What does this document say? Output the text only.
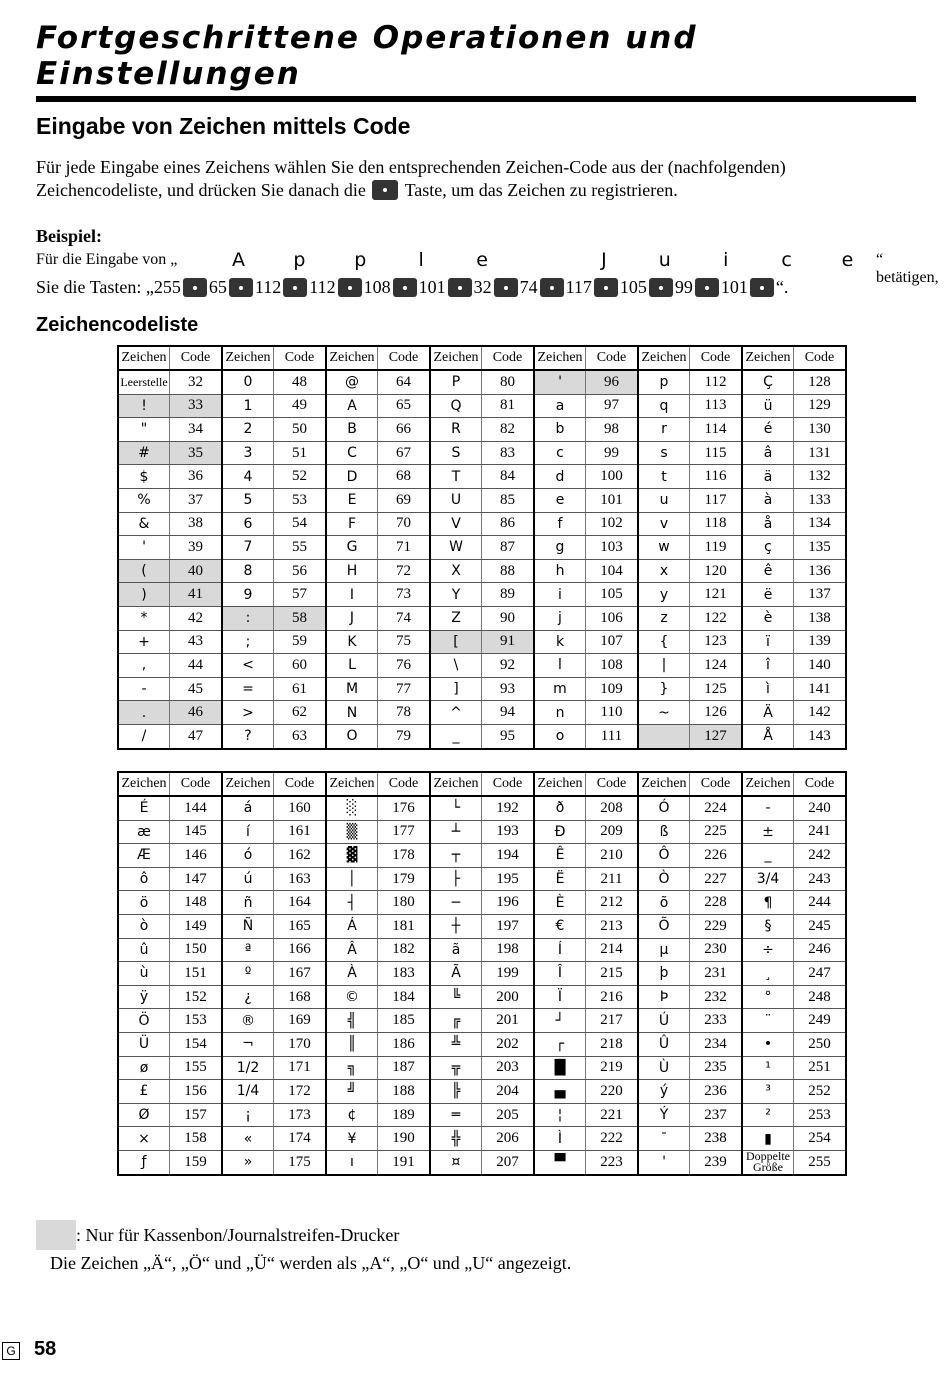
Fortgeschrittene Operationen und Einstellungen
Eingabe von Zeichen mittels Code
Für jede Eingabe eines Zeichens wählen Sie den entsprechenden Zeichen-Code aus der (nachfolgenden) Zeichencodeliste, und drücken Sie danach die Taste, um das Zeichen zu registrieren.
Beispiel:
Für die Eingabe von „	A	p	p	l	e	J	u	i	c	e	“ betätigen,
Sie die Tasten: „255 65 112 112 108 101 32 74 117 105 99 101 “.
Zeichencodeliste
Zeichen	Code	Zeichen	Code	Zeichen	Code	Zeichen	Code	Zeichen	Code	Zeichen	Code	Zeichen	Code
Leerstelle	32	0	48	@	64	P	80	'	96	p	112	Ç	128
!	33	1	49	A	65	Q	81	a	97	q	113	ü	129
"	34	2	50	B	66	R	82	b	98	r	114	é	130
#	35	3	51	C	67	S	83	c	99	s	115	â	131
$	36	4	52	D	68	T	84	d	100	t	116	ä	132
%	37	5	53	E	69	U	85	e	101	u	117	à	133
&	38	6	54	F	70	V	86	f	102	v	118	å	134
'	39	7	55	G	71	W	87	g	103	w	119	ç	135
(	40	8	56	H	72	X	88	h	104	x	120	ê	136
)	41	9	57	I	73	Y	89	i	105	y	121	ë	137
*	42	:	58	J	74	Z	90	j	106	z	122	è	138
+	43	;	59	K	75	[	91	k	107	{	123	ï	139
,	44	<	60	L	76	\	92	l	108	|	124	î	140
-	45	=	61	M	77	]	93	m	109	}	125	ì	141
.	46	>	62	N	78	^	94	n	110	~	126	Ä	142
/	47	?	63	O	79	_	95	o	111		127	Å	143
Zeichen	Code	Zeichen	Code	Zeichen	Code	Zeichen	Code	Zeichen	Code	Zeichen	Code	Zeichen	Code
É	144	á	160	░	176	└	192	ð	208	Ó	224	-	240
æ	145	í	161	▒	177	┴	193	Ð	209	ß	225	±	241
Æ	146	ó	162	▓	178	┬	194	Ê	210	Ô	226	_	242
ô	147	ú	163	│	179	├	195	Ë	211	Ò	227	3/4	243
ö	148	ñ	164	┤	180	─	196	È	212	õ	228	¶	244
ò	149	Ñ	165	Á	181	┼	197	€	213	Õ	229	§	245
û	150	ª	166	Â	182	ã	198	Í	214	µ	230	÷	246
ù	151	º	167	À	183	Ã	199	Î	215	þ	231	¸	247
ÿ	152	¿	168	©	184	╚	200	Ï	216	Þ	232	°	248
Ö	153	®	169	╣	185	╔	201	┘	217	Ú	233	¨	249
Ü	154	¬	170	║	186	╩	202	┌	218	Û	234	•	250
ø	155	1/2	171	╗	187	╦	203	█	219	Ù	235	¹	251
£	156	1/4	172	╝	188	╠	204	▄	220	ý	236	³	252
Ø	157	¡	173	¢	189	═	205	¦	221	Ý	237	²	253
×	158	«	174	¥	190	╬	206	Ì	222	¯	238	▮	254
ƒ	159	»	175	ı	191	¤	207	▀	223	'	239	Doppelte Größe	255
: Nur für Kassenbon/Journalstreifen-Drucker
Die Zeichen „Ä“, „Ö“ und „Ü“ werden als „A“, „O“ und „U“ angezeigt.
G 58
